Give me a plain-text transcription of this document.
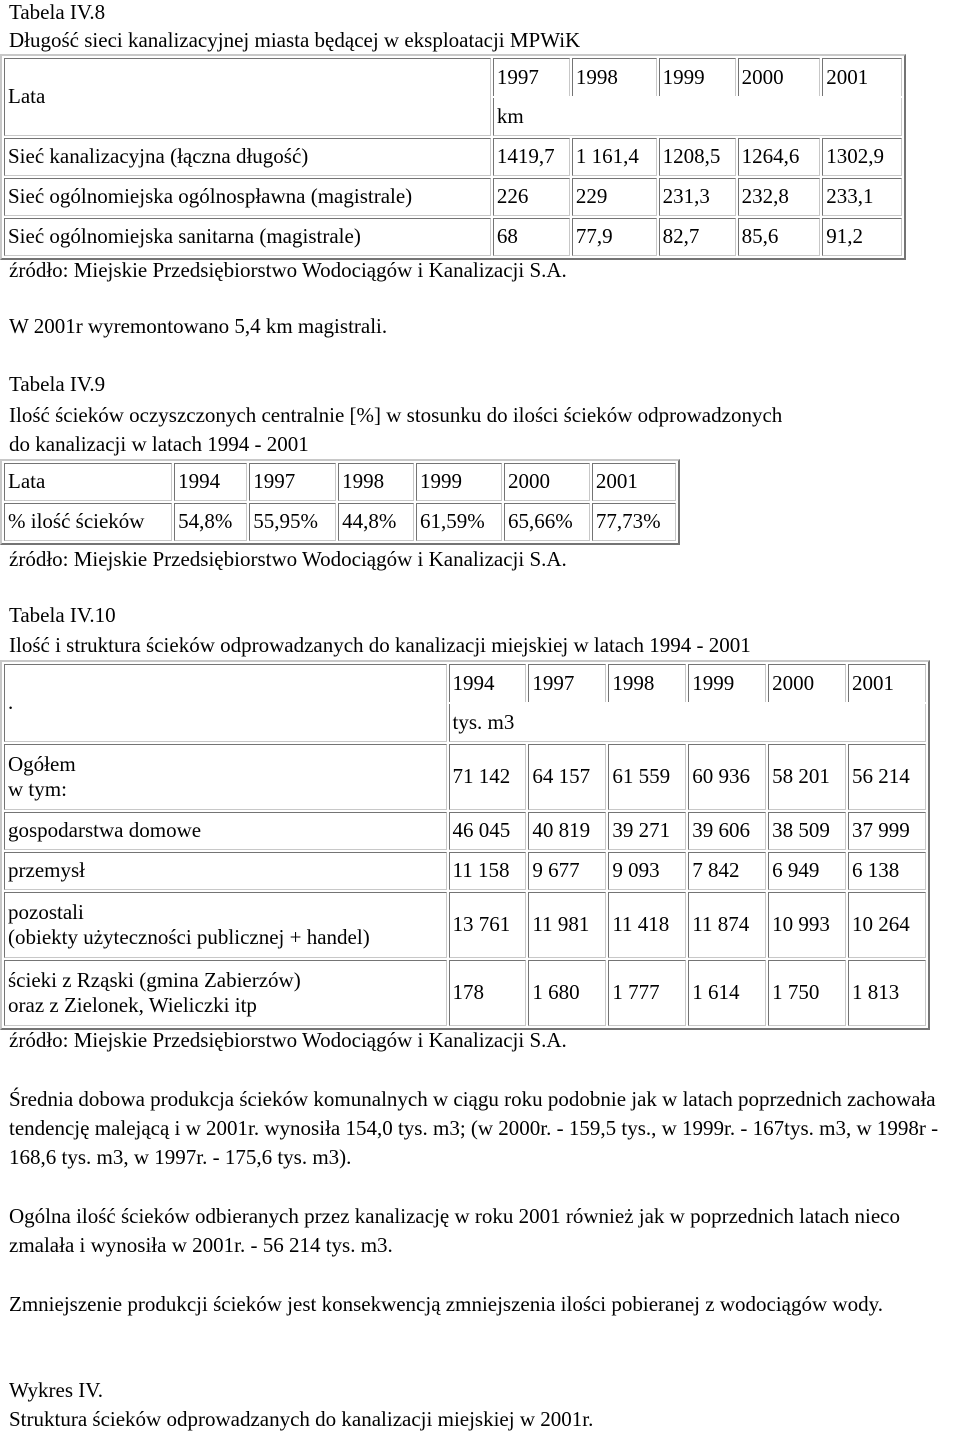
Tabela IV.8
Długość sieci kanalizacyjnej miasta będącej w eksploatacji MPWiK
Lata	1997	1998	1999	2000	2001
	km				
Sieć kanalizacyjna (łączna długość)	1419,7	1 161,4	1208,5	1264,6	1302,9
Sieć ogólnomiejska ogólnospławna (magistrale)	226	229	231,3	232,8	233,1
Sieć ogólnomiejska sanitarna (magistrale)	68	77,9	82,7	85,6	91,2
źródło: Miejskie Przedsiębiorstwo Wodociągów i Kanalizacji S.A.
W 2001r wyremontowano 5,4 km magistrali.
Tabela IV.9
Ilość ścieków oczyszczonych centralnie [%] w stosunku do ilości ścieków odprowadzonych
do kanalizacji w latach 1994 - 2001
Lata	1994	1997	1998	1999	2000	2001
% ilość ścieków	54,8%	55,95%	44,8%	61,59%	65,66%	77,73%
źródło: Miejskie Przedsiębiorstwo Wodociągów i Kanalizacji S.A.
Tabela IV.10
Ilość i struktura ścieków odprowadzanych do kanalizacji miejskiej w latach 1994 - 2001
.	1994	1997	1998	1999	2000	2001
	tys. m3					
Ogółem
w tym:	71 142	64 157	61 559	60 936	58 201	56 214
gospodarstwa domowe	46 045	40 819	39 271	39 606	38 509	37 999
przemysł	11 158	9 677	9 093	7 842	6 949	6 138
pozostali
(obiekty użyteczności publicznej + handel)	13 761	11 981	11 418	11 874	10 993	10 264
ścieki z Rząski (gmina Zabierzów)
oraz z Zielonek, Wieliczki itp	178	1 680	1 777	1 614	1 750	1 813
źródło: Miejskie Przedsiębiorstwo Wodociągów i Kanalizacji S.A.
Średnia dobowa produkcja ścieków komunalnych w ciągu roku podobnie jak w latach poprzednich zachowała tendencję malejącą i w 2001r. wynosiła 154,0 tys. m3; (w 2000r. - 159,5 tys., w 1999r. - 167tys. m3, w 1998r - 168,6 tys. m3, w 1997r. - 175,6 tys. m3).
Ogólna ilość ścieków odbieranych przez kanalizację w roku 2001 również jak w poprzednich latach nieco zmalała i wynosiła w 2001r. - 56 214 tys. m3.
Zmniejszenie produkcji ścieków jest konsekwencją zmniejszenia ilości pobieranej z wodociągów wody.
Wykres IV.
Struktura ścieków odprowadzanych do kanalizacji miejskiej w 2001r.
